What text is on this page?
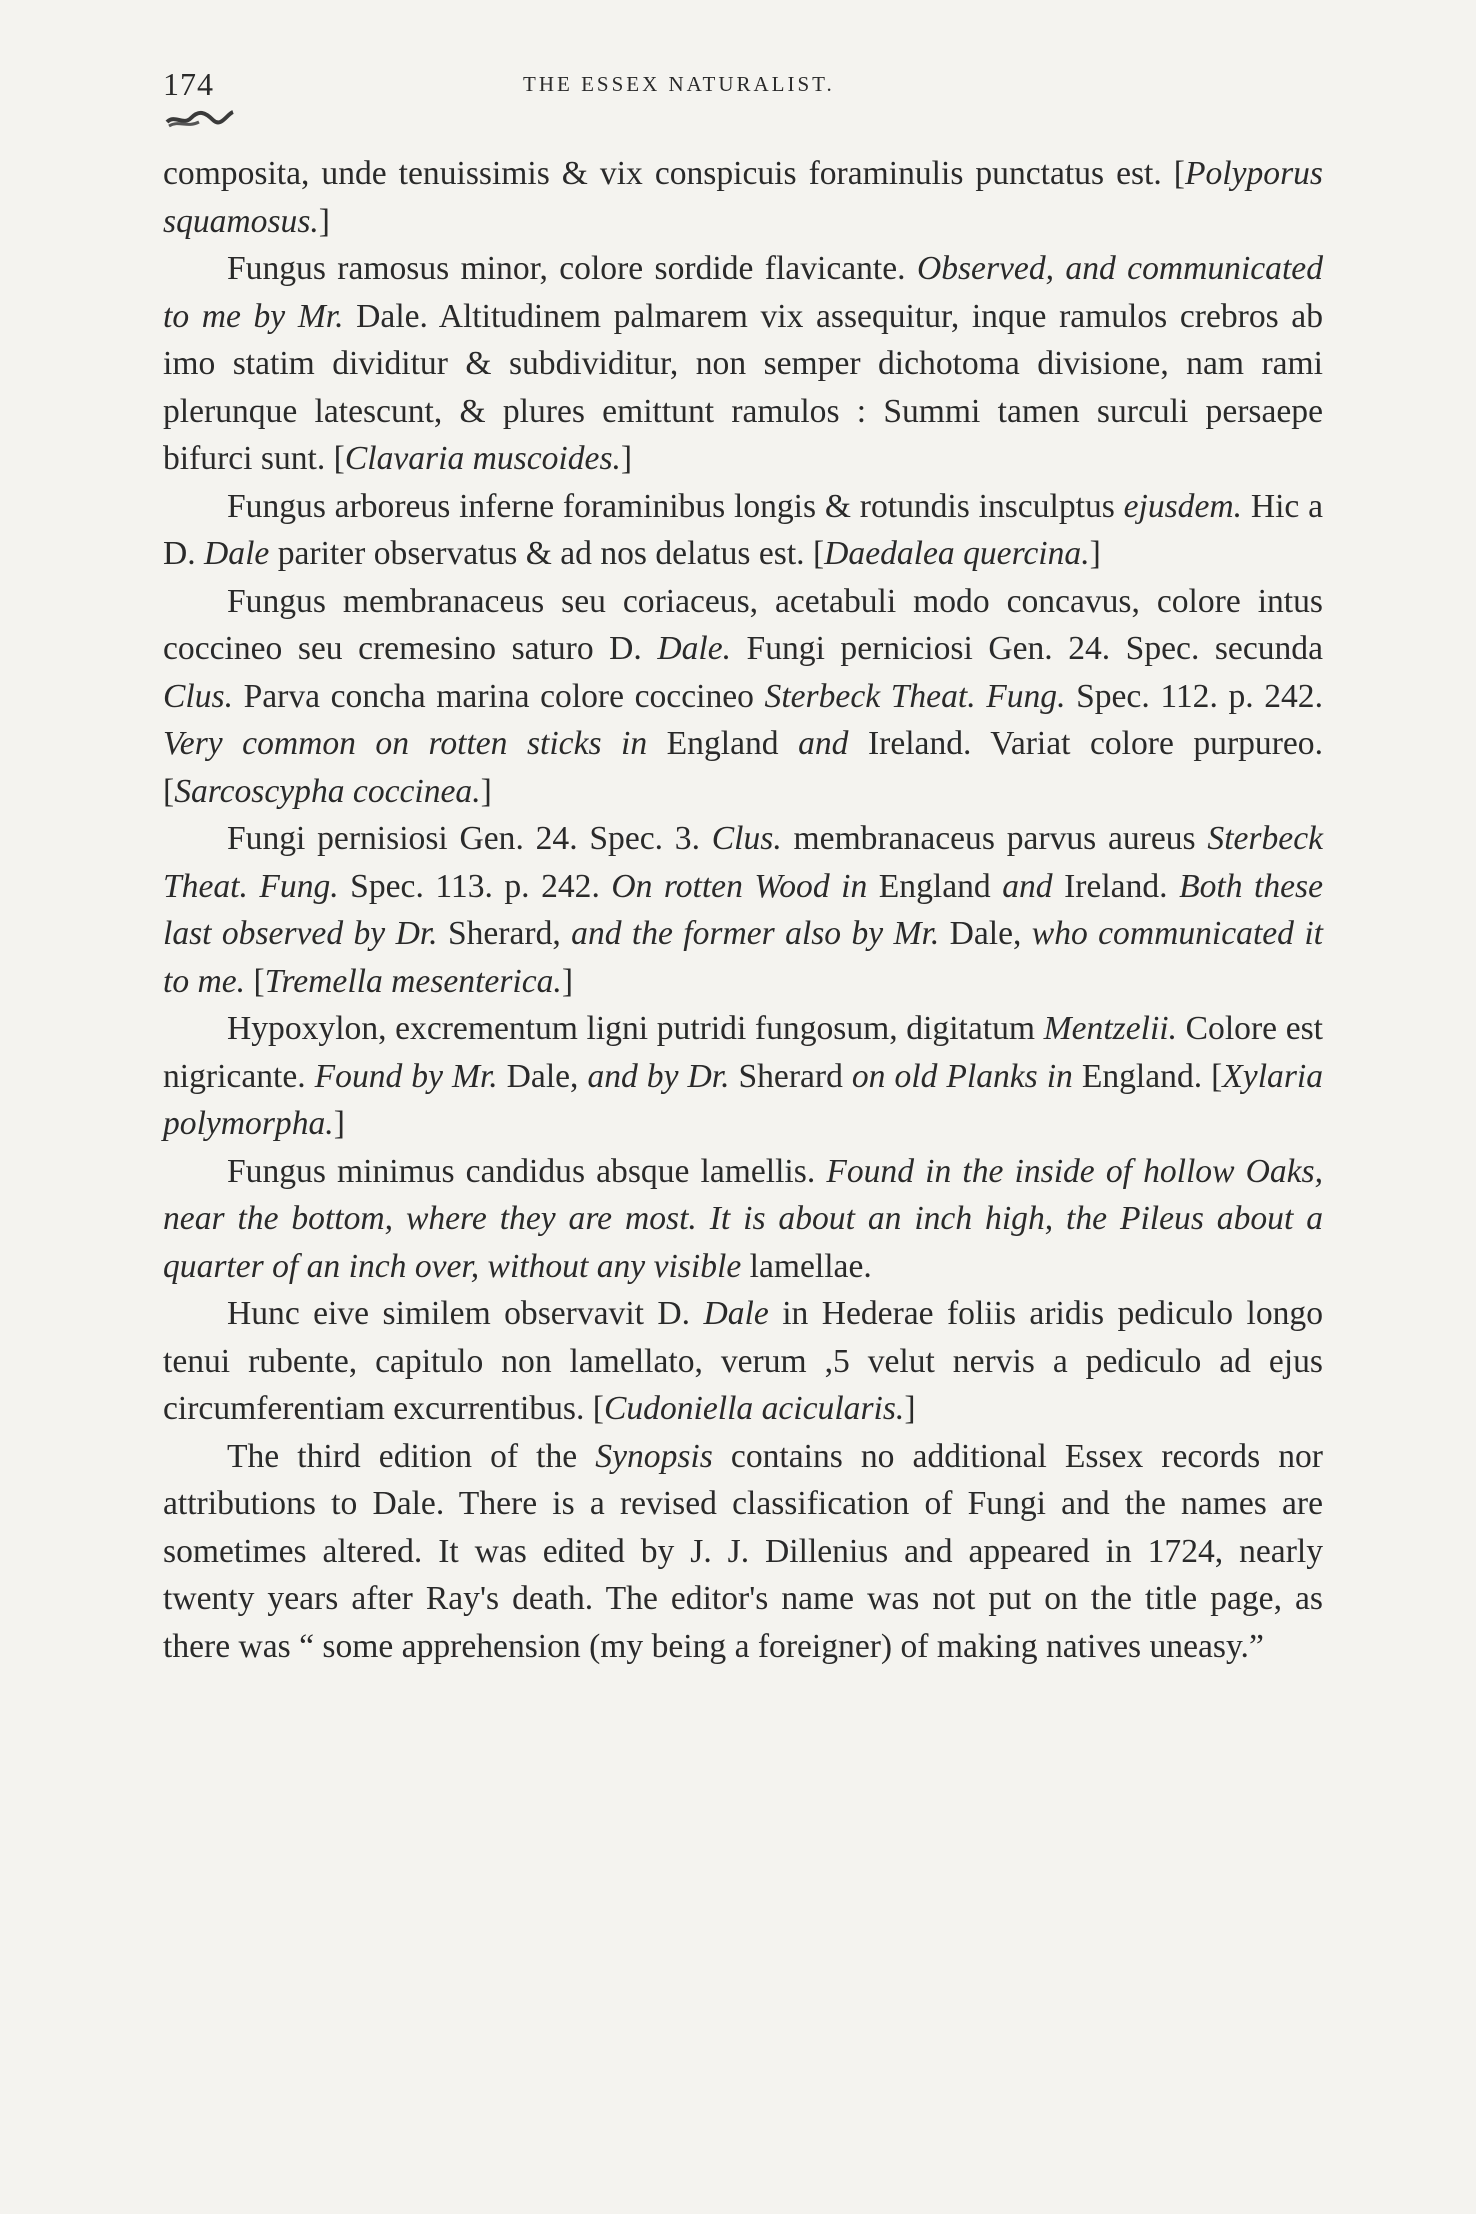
174	THE ESSEX NATURALIST.

composita, unde tenuissimis & vix conspicuis foraminulis punctatus est. [Polyporus squamosus.]

Fungus ramosus minor, colore sordide flavicante. Observed, and communicated to me by Mr. Dale. Altitudinem palmarem vix assequitur, inque ramulos crebros ab imo statim dividitur & subdividitur, non semper dichotoma divisione, nam rami plerunque latescunt, & plures emittunt ramulos : Summi tamen surculi persaepe bifurci sunt. [Clavaria muscoides.]

Fungus arboreus inferne foraminibus longis & rotundis insculptus ejusdem. Hic a D. Dale pariter observatus & ad nos delatus est. [Daedalea quercina.]

Fungus membranaceus seu coriaceus, acetabuli modo concavus, colore intus coccineo seu cremesino saturo D. Dale. Fungi perniciosi Gen. 24. Spec. secunda Clus. Parva concha marina colore coccineo Sterbeck Theat. Fung. Spec. 112. p. 242. Very common on rotten sticks in England and Ireland. Variat colore purpureo. [Sarcoscypha coccinea.]

Fungi pernisiosi Gen. 24. Spec. 3. Clus. membranaceus parvus aureus Sterbeck Theat. Fung. Spec. 113. p. 242. On rotten Wood in England and Ireland. Both these last observed by Dr. Sherard, and the former also by Mr. Dale, who communicated it to me. [Tremella mesenterica.]

Hypoxylon, excrementum ligni putridi fungosum, digitatum Mentzelii. Colore est nigricante. Found by Mr. Dale, and by Dr. Sherard on old Planks in England. [Xylaria polymorpha.]

Fungus minimus candidus absque lamellis. Found in the inside of hollow Oaks, near the bottom, where they are most. It is about an inch high, the Pileus about a quarter of an inch over, without any visible lamellae.

Hunc eive similem observavit D. Dale in Hederae foliis aridis pediculo longo tenui rubente, capitulo non lamellato, verum ,5 velut nervis a pediculo ad ejus circumferentiam excurrentibus. [Cudoniella acicularis.]

The third edition of the Synopsis contains no additional Essex records nor attributions to Dale. There is a revised classification of Fungi and the names are sometimes altered. It was edited by J. J. Dillenius and appeared in 1724, nearly twenty years after Ray's death. The editor's name was not put on the title page, as there was “ some apprehension (my being a foreigner) of making natives uneasy.”
